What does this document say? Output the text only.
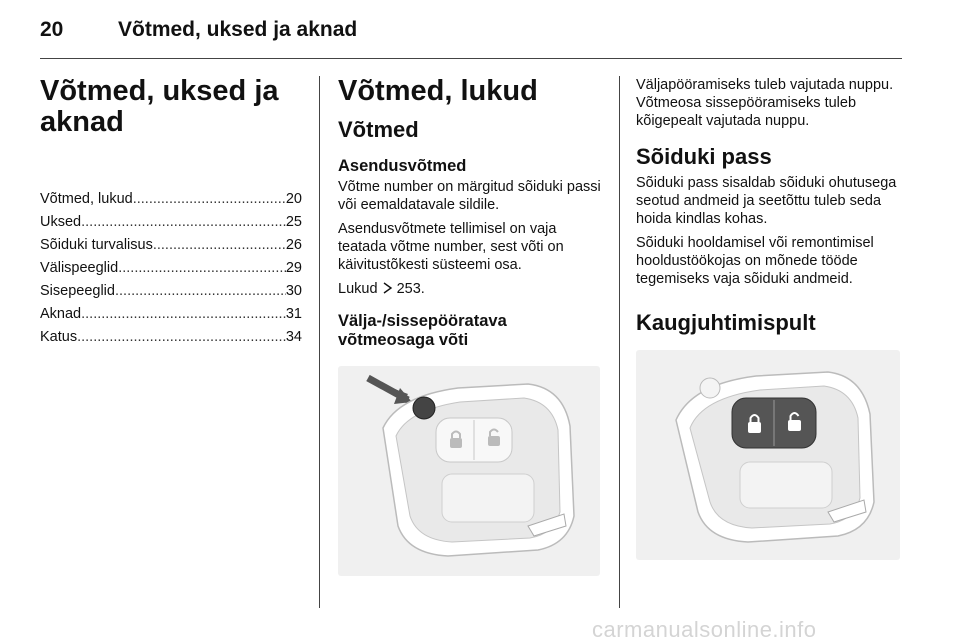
20	Võtmed, uksed ja aknad
Võtmed, uksed ja aknad
Võtmed, lukud .....	20
Uksed .....	25
Sõiduki turvalisus .....	26
Välispeeglid .....	29
Sisepeeglid .....	30
Aknad .....	31
Katus .....	34
Võtmed, lukud
Võtmed
Asendusvõtmed
Võtme number on märgitud sõiduki passi või eemaldatavale sildile.
Asendusvõtmete tellimisel on vaja teatada võtme number, sest võti on käivitustõkesti süsteemi osa.
Lukud 253.
Välja-/sissepööratava võtmeosaga võti
Väljapööramiseks tuleb vajutada nuppu. Võtmeosa sissepööramiseks tuleb kõigepealt vajutada nuppu.
Sõiduki pass
Sõiduki pass sisaldab sõiduki ohutusega seotud andmeid ja seetõttu tuleb seda hoida kindlas kohas.
Sõiduki hooldamisel või remontimisel hooldustöökojas on mõnede tööde tegemiseks vaja sõiduki andmeid.
Kaugjuhtimispult
carmanualsonline.info
